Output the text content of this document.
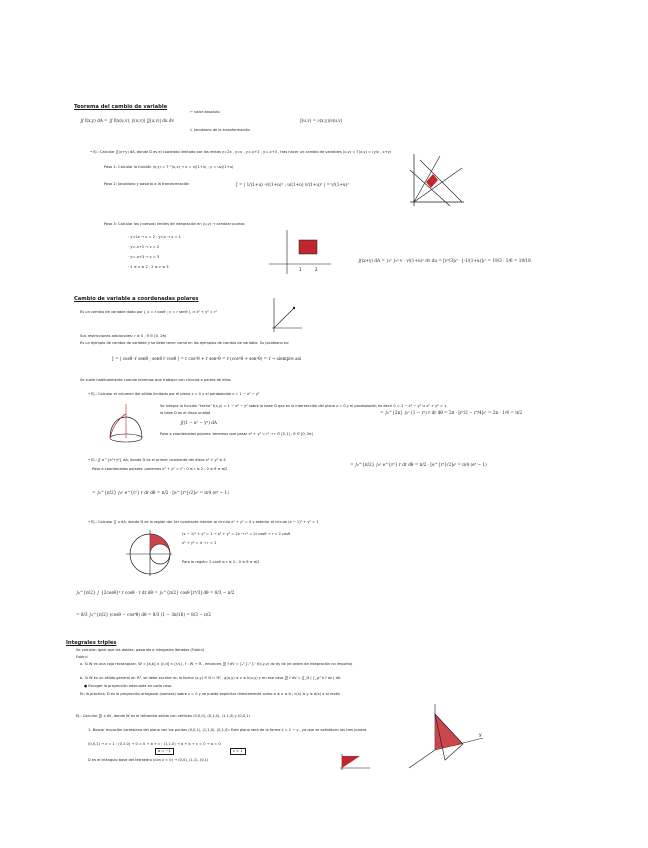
Teorema del cambio de variable
∬ f(x,y) dA = ∬ f(x(u,v), y(u,v)) |J(u,v)| du dv
← valor absoluto
↳ Jacobiano de la transformación
J(u,v) = ∂(x,y)/∂(u,v)
• Ej.: Calcular ∬(x+y) dA, donde D es el cuadrado limitado por las rectas y=2x , y=x , y=-x+2 , y=-x+3 , tras hacer un cambio de variables (u,v) = T(x,y) = (y/x , x+y)
Paso 1: Calcular la función (x,y) = T⁻¹(u,v) → x = v/(1+u) ; y = uv/(1+u)
Paso 2: Jacobiano y pasarlo a la transformación	J = | 1/(1+u) -v/(1+u)² ; u/(1+u) v/(1+u)² | = v/(1+u)²
Paso 3: Calcular los (nuevos) límites de integración en (u,v) → cambiar puntos
· y=2x → u = 2 ; y=x → u = 1
· y=-x+2 → v = 2
· y=-x+3 → v = 3
· 1 ≤ u ≤ 2 ; 2 ≤ v ≤ 3	1	2
∬(x+y) dA = ∫₁² ∫₂³ v · v/(1+u)² dv du = [v³/3]₂³ · [-1/(1+u)]₁² = 19/3 · 1/6 = 19/18
Cambio de variable a coordenadas polares
Es un cambio de variable dado por { x = r cosθ ; y = r senθ } ⇒ x² + y² = r²
Sus restricciones adicionales: r ≥ 0 , θ ∈ [0, 2π)
Es un ejemplo de cambio de variable y se debe tener como en los ejemplos de cambio de variable. Su jacobiano es:
J = | cosθ -r senθ ; senθ r cosθ | = r cos²θ + r sen²θ = r (cos²θ + sen²θ) = r → siempre así
Se suele habitualmente cuando tenemos que trabajar con círculos o partes de ellos.
• Ej.: Calcular el volumen del sólido limitado por el plano z = 0 y el paraboloide z = 1 − x² − y²
Se integra la función "techo" f(x,y) = 1 − x² − y² sobre la base D que es la intersección del plano z = 0 y el paraboloide; es decir 0 = 1 − x² − y² ⇒ x² + y² = 1
la base D es el disco unidad
∬(1 − x² − y²) dA
Paso a coordenadas polares: tenemos que pasar x² + y² = r² → r ∈ [0,1] ; θ ∈ [0, 2π]
= ∫₀^{2π} ∫₀¹ (1 − r²) r dr dθ = 2π · [r²/2 − r⁴/4]₀¹ = 2π · 1/4 = π/2
• Ej.: ∬ e^{x²+y²} dA, donde D es el primer cuadrante del disco x² + y² ≤ 4
Paso a coordenadas polares: ponemos x² + y² = r² ; 0 ≤ r ≤ 2 ; 0 ≤ θ ≤ π/2
= ∫₀^{π/2} ∫₀² e^{r²} r dr dθ = π/2 · [e^{r²}/2]₀² = π/4 (e⁴ − 1)
= ∫₀^{π/2} ∫₀² e^{r²} r dr dθ = π/2 · [e^{r²}/2]₀² = π/4 (e⁴ − 1)
• Ej.: Calcular ∬ x dA, donde D es la región del 1er cuadrante interior al círculo x² + y² = 4 y exterior al círculo (x − 1)² + y² = 1
(x − 1)² + y² = 1 → x² + y² = 2x → r² = 2r cosθ → r = 2 cosθ
x² + y² = 4 → r = 2
Para la región: 2 cosθ ≤ r ≤ 2 ; 0 ≤ θ ≤ π/2
∫₀^{π/2} ∫_{2cosθ}² r cosθ · r dr dθ = ∫₀^{π/2} cosθ [r³/3] dθ = 8/3 − π/2
= 8/3 ∫₀^{π/2} (cosθ − cos⁴θ) dθ = 8/3 (1 − 3π/16) = 8/3 − π/2
Integrales triples
Se calculan igual que las dobles, pasando a integrales iteradas (Fubini)
Fubini:
a. Si W es una caja rectangular, W = [a,b] × [c,d] × [r,s] , f : W → ℝ , entonces ∭ f dV = ∫ₐᵇ ∫꜀ᵈ ∫ᵣˢ f(x,y,z) dz dy dx (el orden de integración no importa)
b. Si W es un sólido general en ℝ³, se debe escribir en la forma (x,y) ∈ D ⊂ ℝ² , g(x,y) ≤ z ≤ h(x,y) y en ese caso ∭ f dV = ∬_D ( ∫_g^h f dz ) dA
● Escoger la proyección adecuada en cada caso.
En la práctica, D es la proyección ortogonal (sombra) sobre z = 0 y se puede explicitar directamente como a ≤ x ≤ b ; c(x) ≤ y ≤ d(x) o al revés
Ej.: Calcular ∭ x dV, donde W es el tetraedro sólido con vértices (0,0,0), (0,1,0), (1,1,0) y (0,0,1)
1. Buscar ecuación cartesiana del plano con los puntos (0,0,1), (1,1,0), (0,1,0): Este plano será de la forma z = 1 − y , ya que se satisfacen los tres puntos
(0,0,1) → z = 1 ; (0,1,0) → 0 = 0 + b + c ; (1,1,0) → a + b + c = 0 → a = 0
b = −1	c = 1
D es el triángulo base del tetraedro (con z = 0) → (0,0), (1,1), (0,1)
y
